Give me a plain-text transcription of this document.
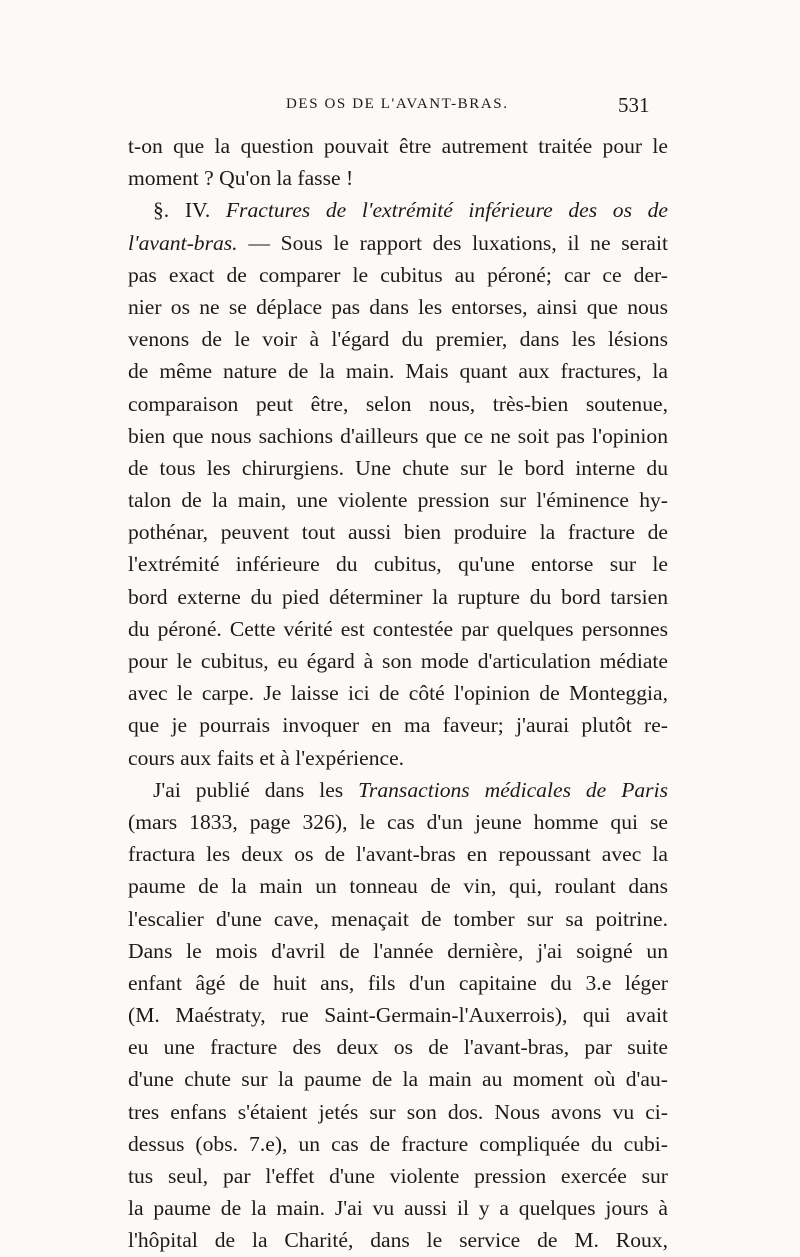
DES OS DE L'AVANT-BRAS.	531
t-on que la question pouvait être autrement traitée pour le
moment ? Qu'on la fasse !
§. IV. Fractures de l'extrémité inférieure des os de
l'avant-bras. — Sous le rapport des luxations, il ne serait
pas exact de comparer le cubitus au péroné; car ce der-
nier os ne se déplace pas dans les entorses, ainsi que nous
venons de le voir à l'égard du premier, dans les lésions
de même nature de la main. Mais quant aux fractures, la
comparaison peut être, selon nous, très-bien soutenue,
bien que nous sachions d'ailleurs que ce ne soit pas l'opinion
de tous les chirurgiens. Une chute sur le bord interne du
talon de la main, une violente pression sur l'éminence hy-
pothénar, peuvent tout aussi bien produire la fracture de
l'extrémité inférieure du cubitus, qu'une entorse sur le
bord externe du pied déterminer la rupture du bord tarsien
du péroné. Cette vérité est contestée par quelques personnes
pour le cubitus, eu égard à son mode d'articulation médiate
avec le carpe. Je laisse ici de côté l'opinion de Monteggia,
que je pourrais invoquer en ma faveur; j'aurai plutôt re-
cours aux faits et à l'expérience.
J'ai publié dans les Transactions médicales de Paris
(mars 1833, page 326), le cas d'un jeune homme qui se
fractura les deux os de l'avant-bras en repoussant avec la
paume de la main un tonneau de vin, qui, roulant dans
l'escalier d'une cave, menaçait de tomber sur sa poitrine.
Dans le mois d'avril de l'année dernière, j'ai soigné un
enfant âgé de huit ans, fils d'un capitaine du 3.e léger
(M. Maéstraty, rue Saint-Germain-l'Auxerrois), qui avait
eu une fracture des deux os de l'avant-bras, par suite
d'une chute sur la paume de la main au moment où d'au-
tres enfans s'étaient jetés sur son dos. Nous avons vu ci-
dessus (obs. 7.e), un cas de fracture compliquée du cubi-
tus seul, par l'effet d'une violente pression exercée sur
la paume de la main. J'ai vu aussi il y a quelques jours à
l'hôpital de la Charité, dans le service de M. Roux,
